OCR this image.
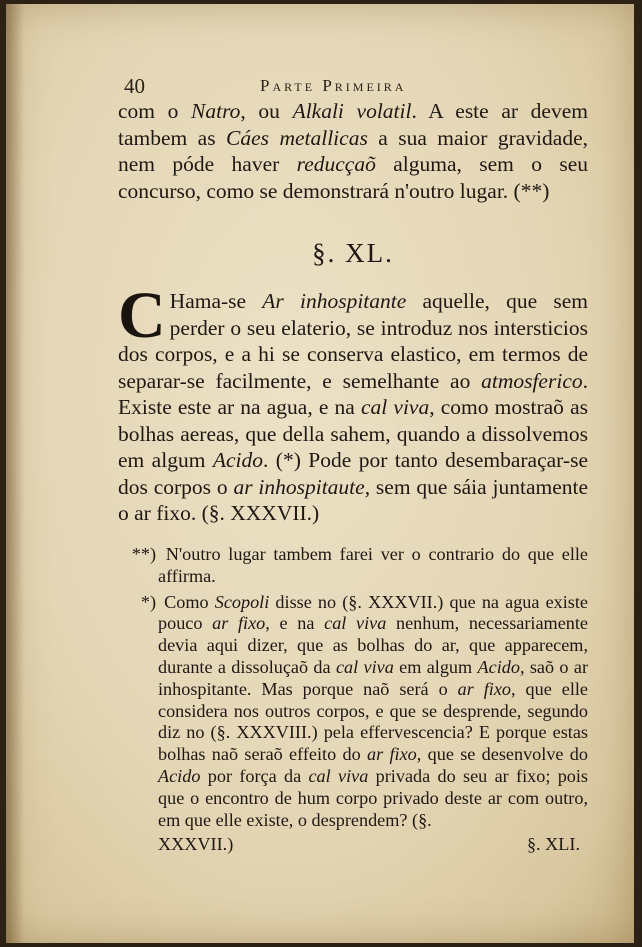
40	Parte Primeira
com o Natro, ou Alkali volatil. A este ar devem tambem as Cáes metallicas a sua maior gravidade, nem póde haver reducçaõ alguma, sem o seu concurso, como se demonstrará n'outro lugar. (**)
§. XL.
C Hama-se Ar inhospitante aquelle, que sem perder o seu elaterio, se introduz nos intersticios dos corpos, e a hi se conserva elastico, em termos de separar-se facilmente, e semelhante ao atmosferico. Existe este ar na agua, e na cal viva, como mostraõ as bolhas aereas, que della sahem, quando a dissolvemos em algum Acido. (*) Pode por tanto desembaraçar-se dos corpos o ar inhospitaute, sem que sáia juntamente o ar fixo. (§. XXXVII.)
**) N'outro lugar tambem farei ver o contrario do que elle affirma.
*) Como Scopoli disse no (§. XXXVII.) que na agua existe pouco ar fixo, e na cal viva nenhum, necessariamente devia aqui dizer, que as bolhas do ar, que apparecem, durante a dissoluçaõ da cal viva em algum Acido, saõ o ar inhospitante. Mas porque naõ será o ar fixo, que elle considera nos outros corpos, e que se desprende, segundo diz no (§. XXXVIII.) pela effervescencia? E porque estas bolhas naõ seraõ effeito do ar fixo, que se desenvolve do Acido por força da cal viva privada do seu ar fixo; pois que o encontro de hum corpo privado deste ar com outro, em que elle existe, o desprendem? (§.
XXXVII.)	§. XLI.
